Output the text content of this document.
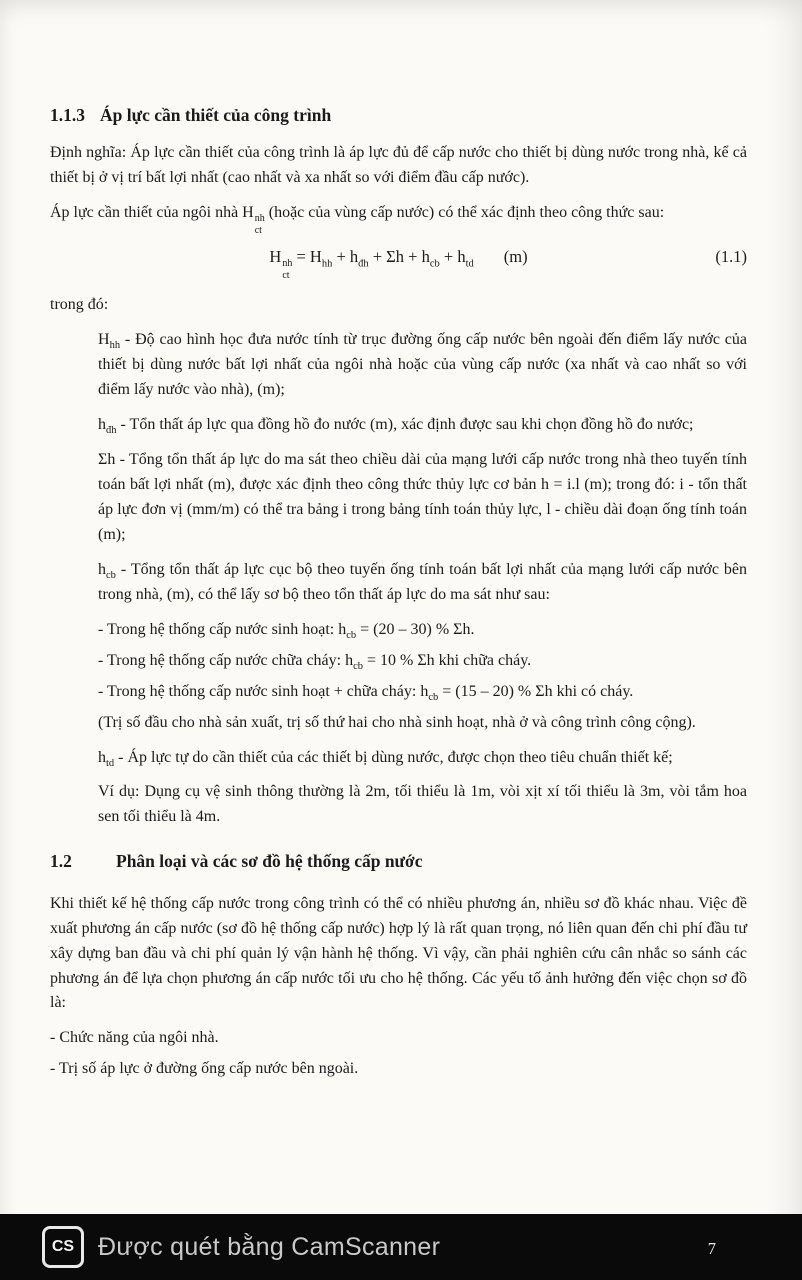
1.1.3 Áp lực cần thiết của công trình

Định nghĩa: Áp lực cần thiết của công trình là áp lực đủ để cấp nước cho thiết bị dùng nước trong nhà, kể cả thiết bị ở vị trí bất lợi nhất (cao nhất và xa nhất so với điểm đầu cấp nước).

Áp lực cần thiết của ngôi nhà H nh
ct
(hoặc của vùng cấp nước) có thể xác định theo công thức sau:

H nh
ct
= $H_{hh} + h_{đh} + \Sigma h + h_{cb} + h_{td}$ (m)	(1.1)

trong đó:

$H_{hh}$ - Độ cao hình học đưa nước tính từ trục đường ống cấp nước bên ngoài đến điểm lấy nước của thiết bị dùng nước bất lợi nhất của ngôi nhà hoặc của vùng cấp nước (xa nhất và cao nhất so với điểm lấy nước vào nhà), (m);
$h_{đh}$ - Tổn thất áp lực qua đồng hồ đo nước (m), xác định được sau khi chọn đồng hồ đo nước;
Σh - Tổng tổn thất áp lực do ma sát theo chiều dài của mạng lưới cấp nước trong nhà theo tuyến tính toán bất lợi nhất (m), được xác định theo công thức thủy lực cơ bản h = i.l (m); trong đó: i - tổn thất áp lực đơn vị (mm/m) có thể tra bảng i trong bảng tính toán thủy lực, l - chiều dài đoạn ống tính toán (m);
$h_{cb}$ - Tổng tổn thất áp lực cục bộ theo tuyến ống tính toán bất lợi nhất của mạng lưới cấp nước bên trong nhà, (m), có thể lấy sơ bộ theo tổn thất áp lực do ma sát như sau:

- Trong hệ thống cấp nước sinh hoạt: $h_{cb} = (20 - 30)$ % Σh.

- Trong hệ thống cấp nước chữa cháy: $h_{cb} = 10$ % Σh khi chữa cháy.

- Trong hệ thống cấp nước sinh hoạt + chữa cháy: $h_{cb} = (15 - 20)$ % Σh khi có cháy.

(Trị số đầu cho nhà sản xuất, trị số thứ hai cho nhà sinh hoạt, nhà ở và công trình công cộng).

$h_{td}$ - Áp lực tự do cần thiết của các thiết bị dùng nước, được chọn theo tiêu chuẩn thiết kế;

Ví dụ: Dụng cụ vệ sinh thông thường là 2m, tối thiểu là 1m, vòi xịt xí tối thiểu là 3m, vòi tắm hoa sen tối thiểu là 4m.

1.2	Phân loại và các sơ đồ hệ thống cấp nước

Khi thiết kế hệ thống cấp nước trong công trình có thể có nhiều phương án, nhiều sơ đồ khác nhau. Việc đề xuất phương án cấp nước (sơ đồ hệ thống cấp nước) hợp lý là rất quan trọng, nó liên quan đến chi phí đầu tư xây dựng ban đầu và chi phí quản lý vận hành hệ thống. Vì vậy, cần phải nghiên cứu cân nhắc so sánh các phương án để lựa chọn phương án cấp nước tối ưu cho hệ thống. Các yếu tố ảnh hưởng đến việc chọn sơ đồ là:

- Chức năng của ngôi nhà.

- Trị số áp lực ở đường ống cấp nước bên ngoài.

CS Được quét bằng CamScanner	7
